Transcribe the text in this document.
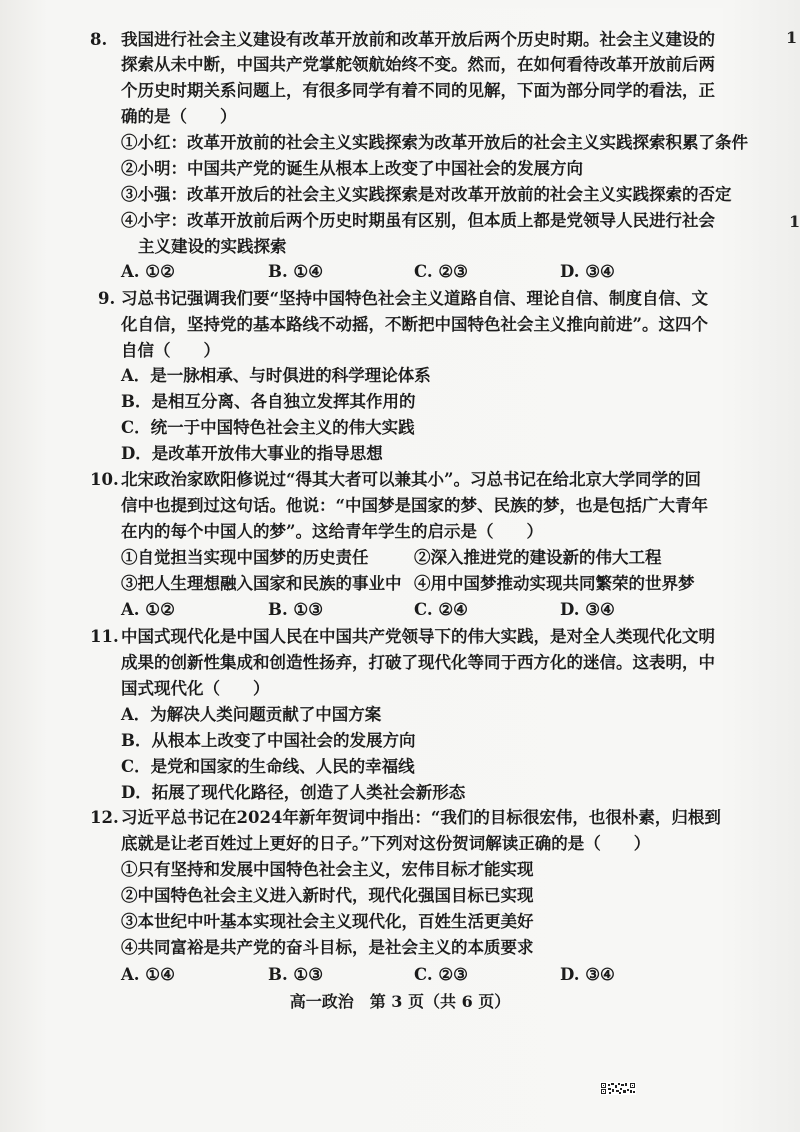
8. 我国进行社会主义建设有改革开放前和改革开放后两个历史时期。社会主义建设的
探索从未中断，中国共产党掌舵领航始终不变。然而，在如何看待改革开放前后两
个历史时期关系问题上，有很多同学有着不同的见解，下面为部分同学的看法，正
确的是（　　）
①小红：改革开放前的社会主义实践探索为改革开放后的社会主义实践探索积累了条件
②小明：中国共产党的诞生从根本上改变了中国社会的发展方向
③小强：改革开放后的社会主义实践探索是对改革开放前的社会主义实践探索的否定
④小宇：改革开放前后两个历史时期虽有区别，但本质上都是党领导人民进行社会
主义建设的实践探索
A. ①②	B. ①④	C. ②③	D. ③④
9. 习总书记强调我们要“坚持中国特色社会主义道路自信、理论自信、制度自信、文
化自信，坚持党的基本路线不动摇，不断把中国特色社会主义推向前进”。这四个
自信（　　）
A．是一脉相承、与时俱进的科学理论体系
B．是相互分离、各自独立发挥其作用的
C．统一于中国特色社会主义的伟大实践
D．是改革开放伟大事业的指导思想
10. 北宋政治家欧阳修说过“得其大者可以兼其小”。习总书记在给北京大学同学的回
信中也提到过这句话。他说：“中国梦是国家的梦、民族的梦，也是包括广大青年
在内的每个中国人的梦”。这给青年学生的启示是（　　）
①自觉担当实现中国梦的历史责任	②深入推进党的建设新的伟大工程
③把人生理想融入国家和民族的事业中 ④用中国梦推动实现共同繁荣的世界梦
A. ①②	B. ①③	C. ②④	D. ③④
11. 中国式现代化是中国人民在中国共产党领导下的伟大实践，是对全人类现代化文明
成果的创新性集成和创造性扬弃，打破了现代化等同于西方化的迷信。这表明，中
国式现代化（　　）
A．为解决人类问题贡献了中国方案
B．从根本上改变了中国社会的发展方向
C．是党和国家的生命线、人民的幸福线
D．拓展了现代化路径，创造了人类社会新形态
12. 习近平总书记在2024年新年贺词中指出：“我们的目标很宏伟，也很朴素，归根到
底就是让老百姓过上更好的日子。”下列对这份贺词解读正确的是（　　）
①只有坚持和发展中国特色社会主义，宏伟目标才能实现
②中国特色社会主义进入新时代，现代化强国目标已实现
③本世纪中叶基本实现社会主义现代化，百姓生活更美好
④共同富裕是共产党的奋斗目标，是社会主义的本质要求
A. ①④	B. ①③	C. ②③	D. ③④
高一政治　第 3 页（共 6 页）
1
1
